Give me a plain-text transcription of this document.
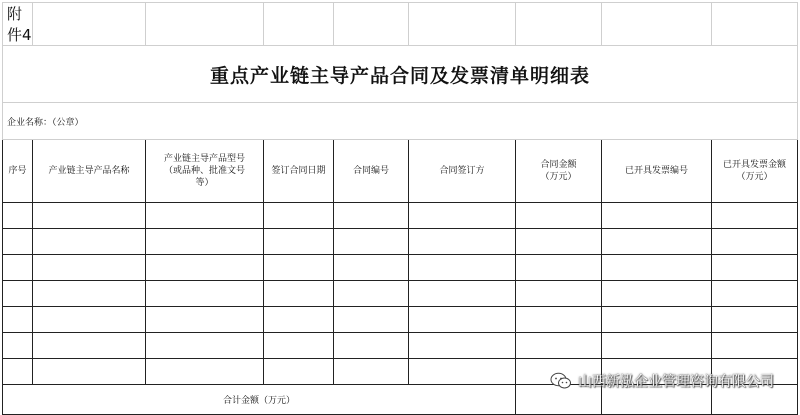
附件4								
重点产业链主导产品合同及发票清单明细表								
企业名称：（公章）								

序号	产业链主导产品名称	产业链主导产品型号
（或品种、批准文号
等）	签订合同日期	合同编号	合同签订方	合同金额
（万元）	已开具发票编号	已开具发票金额
（万元）

合计金额（万元）								
山西新泓企业管理咨询有限公司
